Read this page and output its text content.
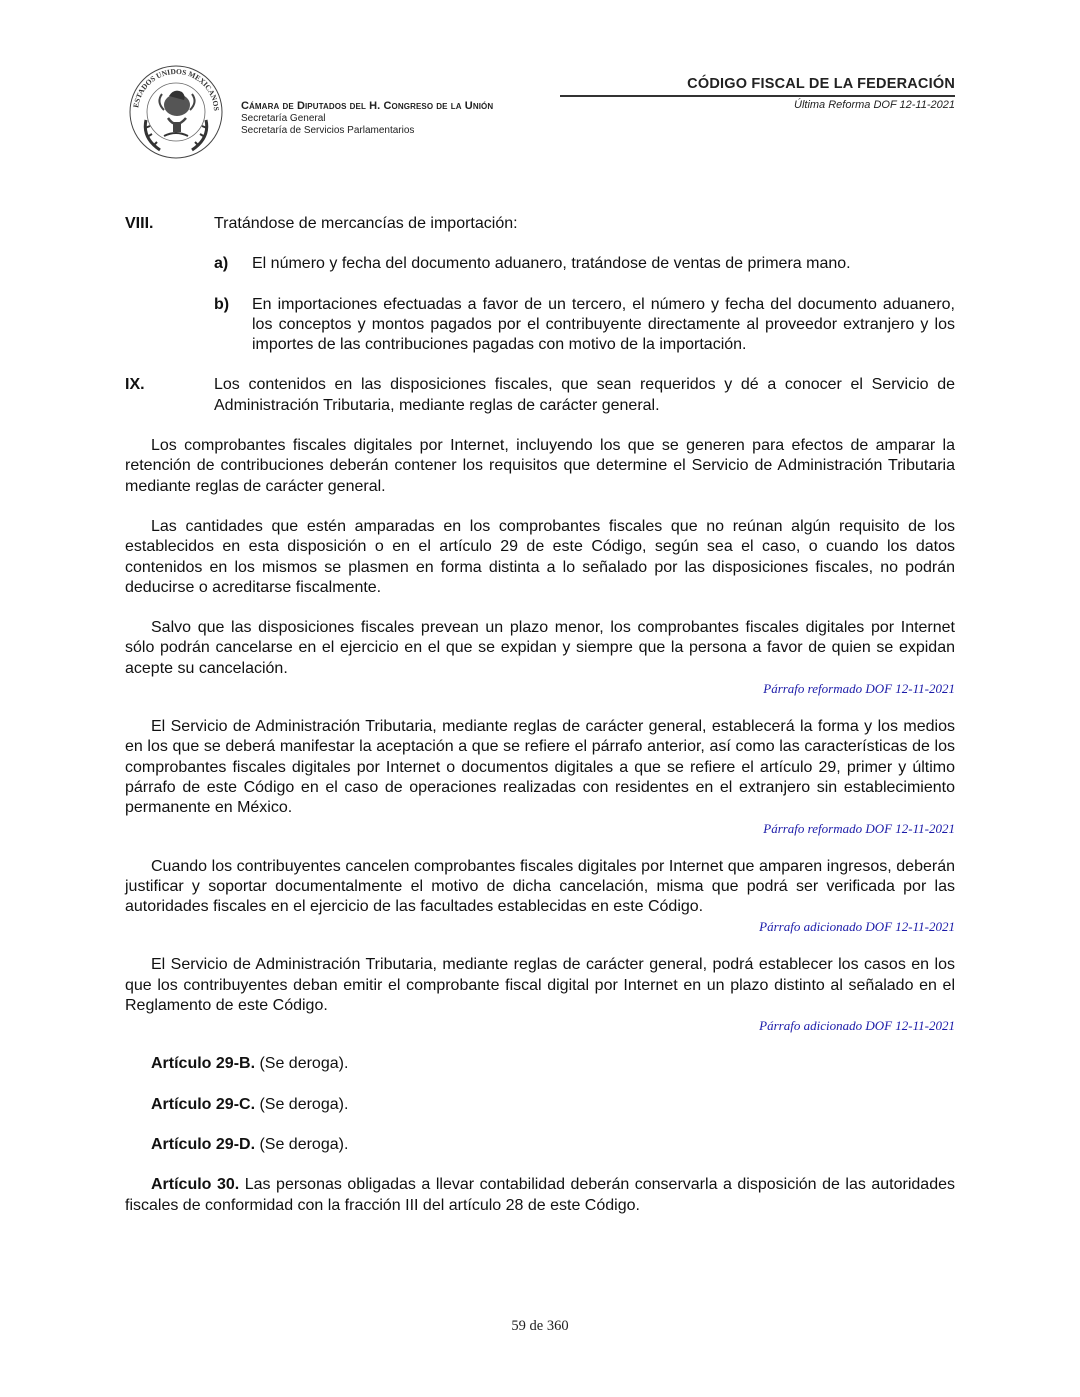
ESTADOS UNIDOS MEXICANOS Cámara de Diputados del H. Congreso de la Unión
Secretaría General
Secretaría de Servicios Parlamentarios
CÓDIGO FISCAL DE LA FEDERACIÓN
Última Reforma DOF 12-11-2021
VIII.	Tratándose de mercancías de importación:
a)	El número y fecha del documento aduanero, tratándose de ventas de primera mano.
b)	En importaciones efectuadas a favor de un tercero, el número y fecha del documento aduanero, los conceptos y montos pagados por el contribuyente directamente al proveedor extranjero y los importes de las contribuciones pagadas con motivo de la importación.
IX.	Los contenidos en las disposiciones fiscales, que sean requeridos y dé a conocer el Servicio de Administración Tributaria, mediante reglas de carácter general.
Los comprobantes fiscales digitales por Internet, incluyendo los que se generen para efectos de amparar la retención de contribuciones deberán contener los requisitos que determine el Servicio de Administración Tributaria mediante reglas de carácter general.
Las cantidades que estén amparadas en los comprobantes fiscales que no reúnan algún requisito de los establecidos en esta disposición o en el artículo 29 de este Código, según sea el caso, o cuando los datos contenidos en los mismos se plasmen en forma distinta a lo señalado por las disposiciones fiscales, no podrán deducirse o acreditarse fiscalmente.
Salvo que las disposiciones fiscales prevean un plazo menor, los comprobantes fiscales digitales por Internet sólo podrán cancelarse en el ejercicio en el que se expidan y siempre que la persona a favor de quien se expidan acepte su cancelación.
Párrafo reformado DOF 12-11-2021
El Servicio de Administración Tributaria, mediante reglas de carácter general, establecerá la forma y los medios en los que se deberá manifestar la aceptación a que se refiere el párrafo anterior, así como las características de los comprobantes fiscales digitales por Internet o documentos digitales a que se refiere el artículo 29, primer y último párrafo de este Código en el caso de operaciones realizadas con residentes en el extranjero sin establecimiento permanente en México.
Párrafo reformado DOF 12-11-2021
Cuando los contribuyentes cancelen comprobantes fiscales digitales por Internet que amparen ingresos, deberán justificar y soportar documentalmente el motivo de dicha cancelación, misma que podrá ser verificada por las autoridades fiscales en el ejercicio de las facultades establecidas en este Código.
Párrafo adicionado DOF 12-11-2021
El Servicio de Administración Tributaria, mediante reglas de carácter general, podrá establecer los casos en los que los contribuyentes deban emitir el comprobante fiscal digital por Internet en un plazo distinto al señalado en el Reglamento de este Código.
Párrafo adicionado DOF 12-11-2021
Artículo 29-B. (Se deroga).
Artículo 29-C. (Se deroga).
Artículo 29-D. (Se deroga).
Artículo 30. Las personas obligadas a llevar contabilidad deberán conservarla a disposición de las autoridades fiscales de conformidad con la fracción III del artículo 28 de este Código.
59 de 360
